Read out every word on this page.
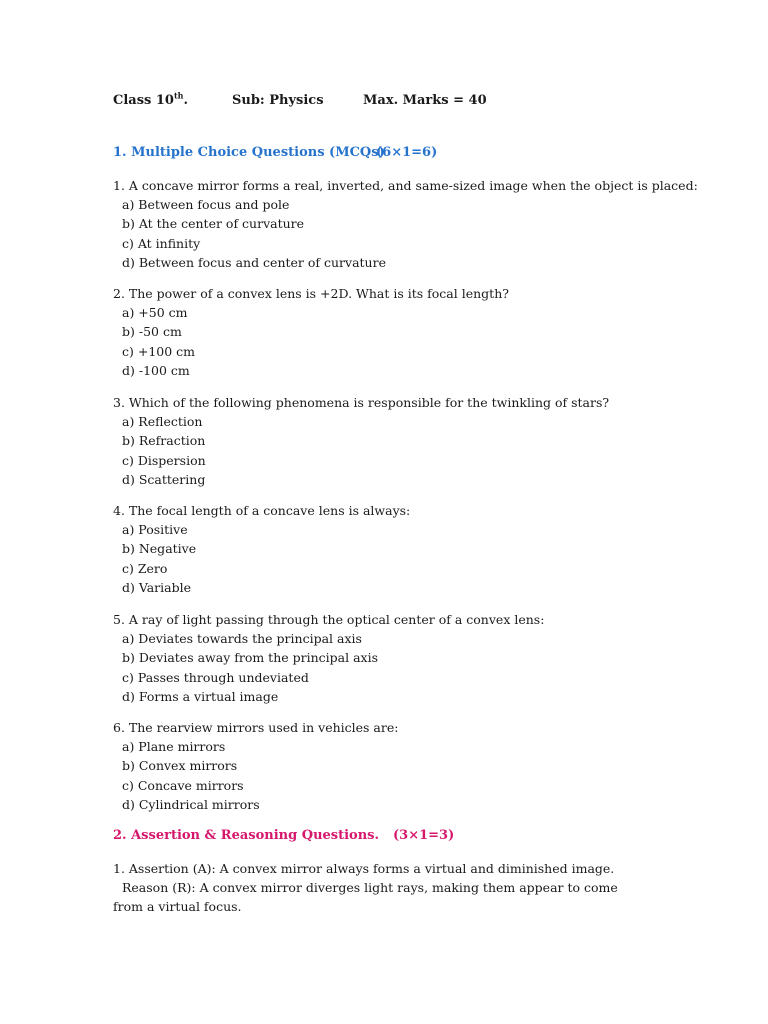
Class 10th.	Sub: Physics	Max. Marks = 40
1. Multiple Choice Questions (MCQs)
(6×1=6)
1. A concave mirror forms a real, inverted, and same-sized image when the object is placed:
a) Between focus and pole
b) At the center of curvature
c) At infinity
d) Between focus and center of curvature
2. The power of a convex lens is +2D. What is its focal length?
a) +50 cm
b) -50 cm
c) +100 cm
d) -100 cm
3. Which of the following phenomena is responsible for the twinkling of stars?
a) Reflection
b) Refraction
c) Dispersion
d) Scattering
4. The focal length of a concave lens is always:
a) Positive
b) Negative
c) Zero
d) Variable
5. A ray of light passing through the optical center of a convex lens:
a) Deviates towards the principal axis
b) Deviates away from the principal axis
c) Passes through undeviated
d) Forms a virtual image
6. The rearview mirrors used in vehicles are:
a) Plane mirrors
b) Convex mirrors
c) Concave mirrors
d) Cylindrical mirrors
2. Assertion & Reasoning Questions. (3×1=3)
1. Assertion (A): A convex mirror always forms a virtual and diminished image.
Reason (R): A convex mirror diverges light rays, making them appear to come from a virtual focus.
